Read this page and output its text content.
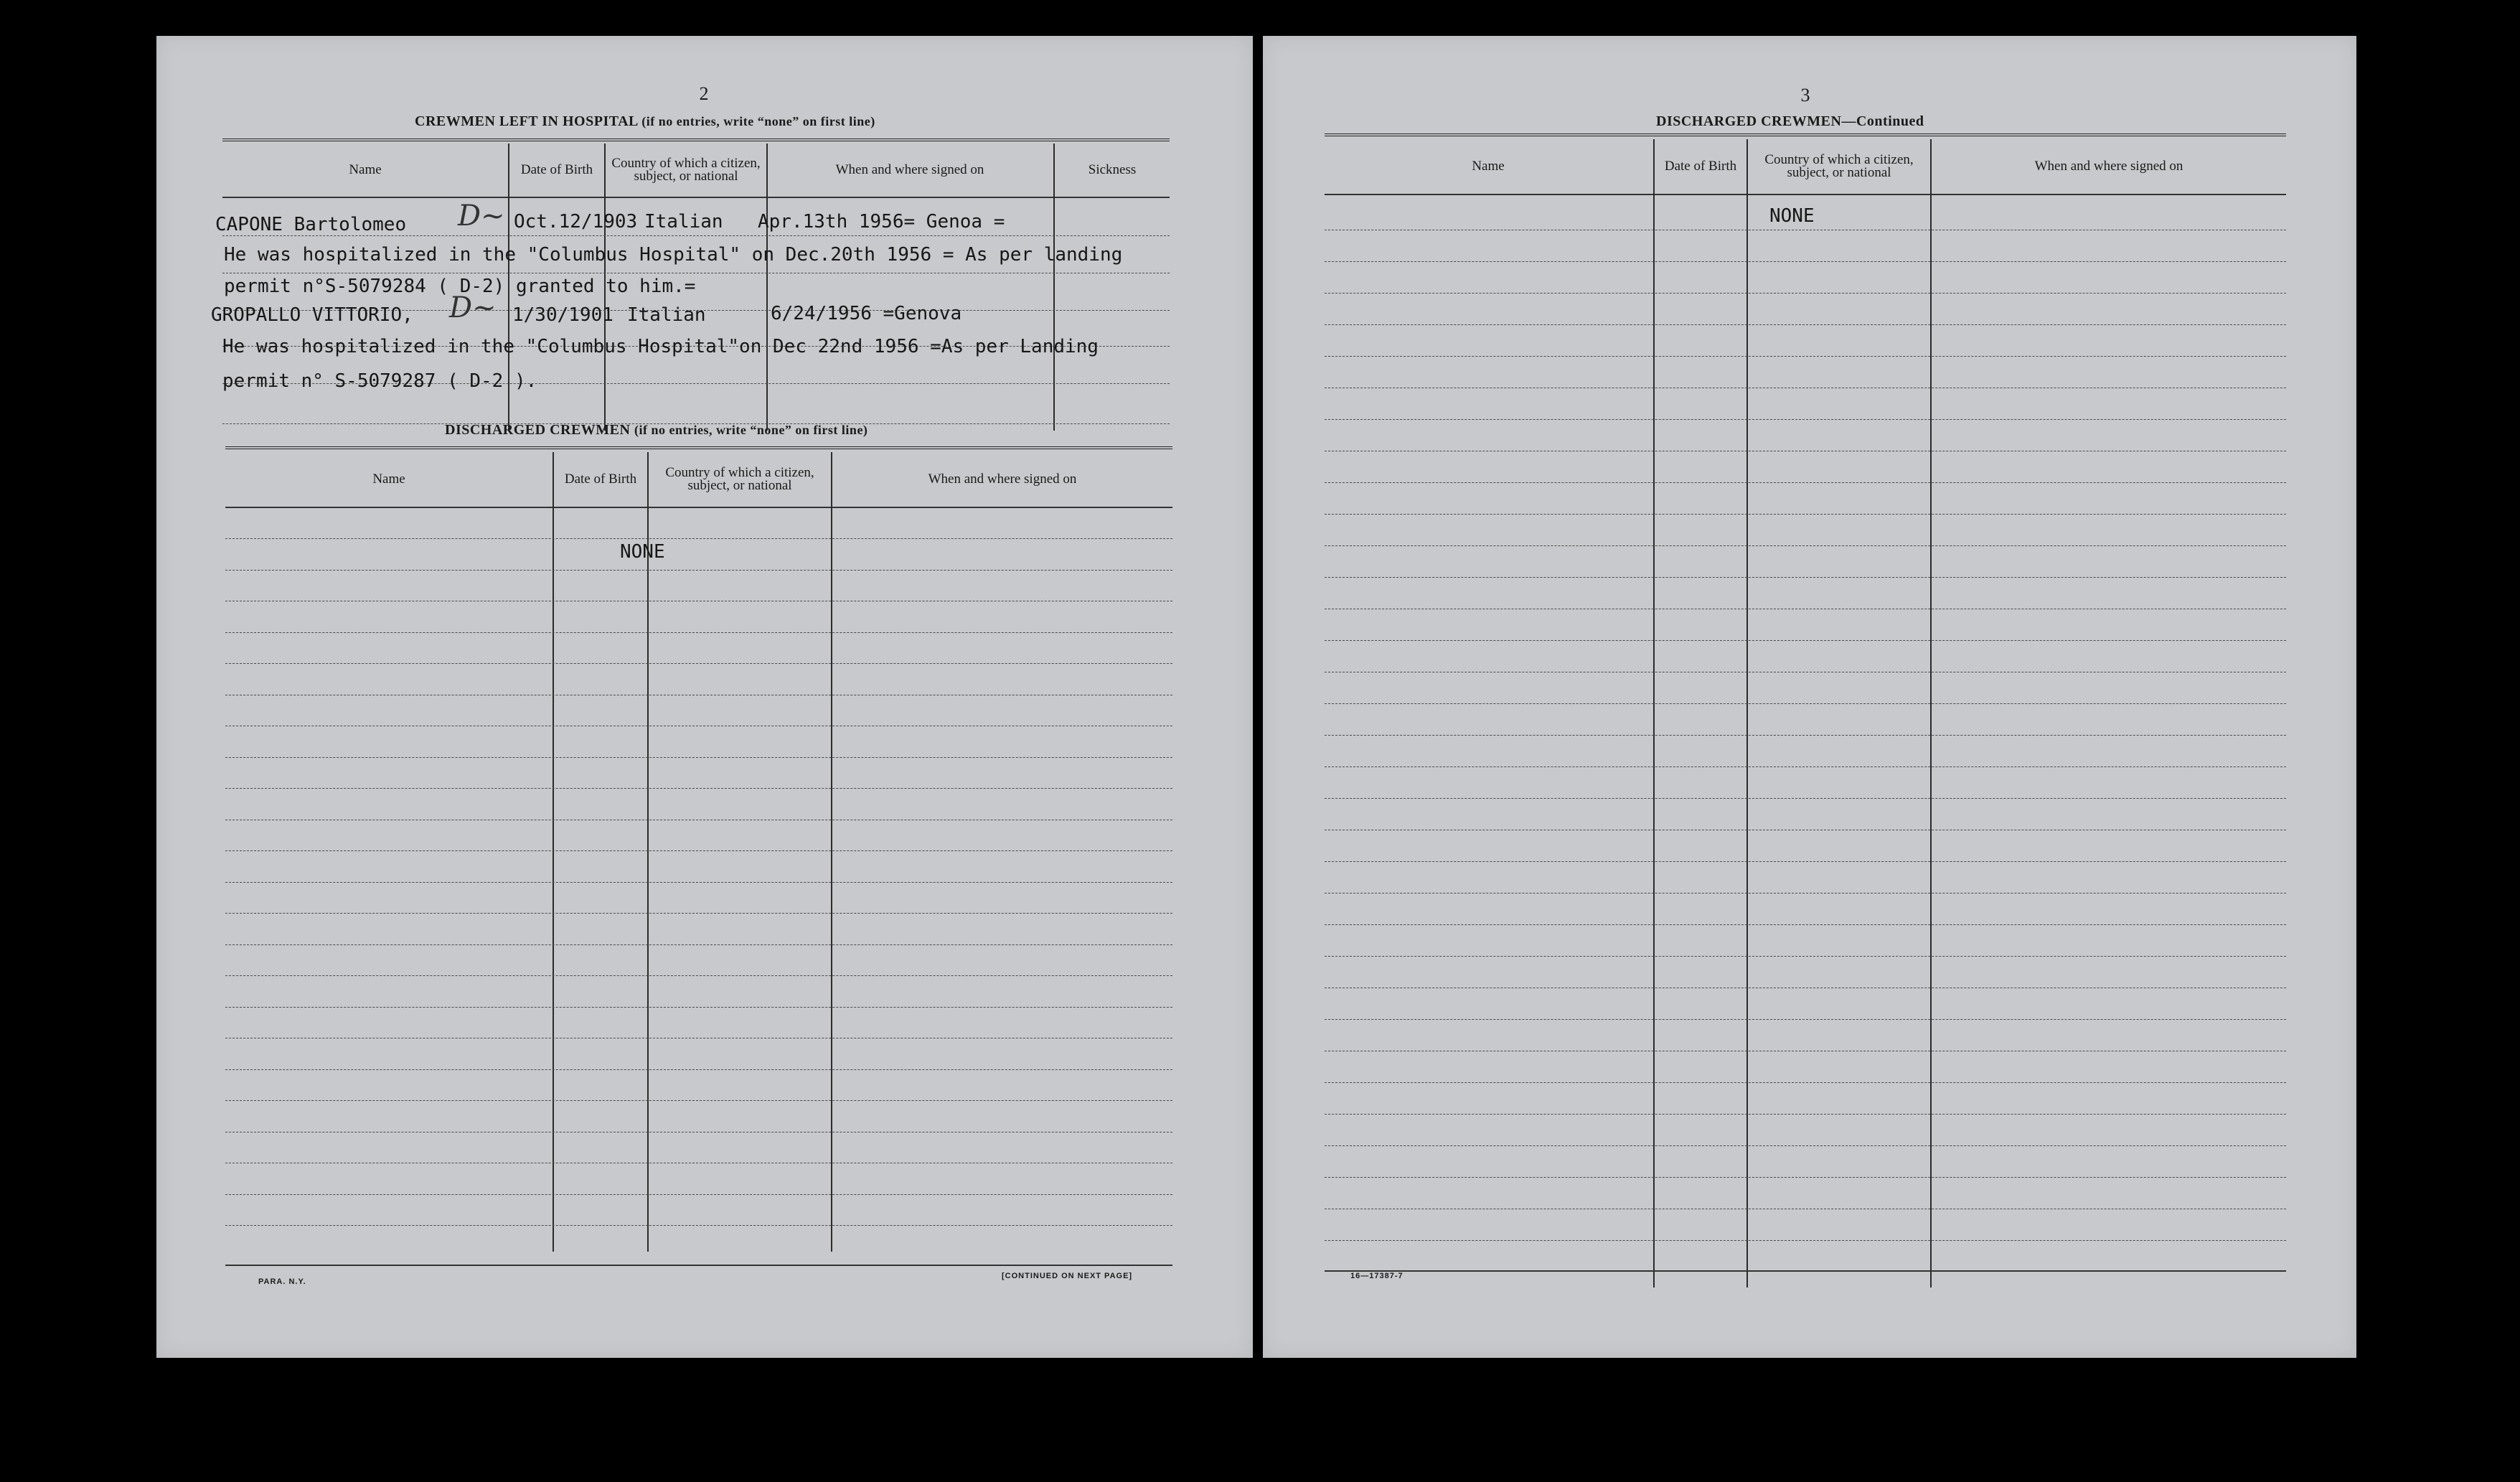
2
CREWMEN LEFT IN HOSPITAL (if no entries, write “none” on first line)
Name	Date of Birth	Country of which a citizen, subject, or national	When and where signed on	Sickness
CAPONE Bartolomeo D~ Oct.12/1903 Italian Apr.13th 1956= Genoa =
He was hospitalized in the "Columbus Hospital" on Dec.20th 1956 = As per landing
permit n°S-5079284 ( D-2) granted to him.=
GROPALLO VITTORIO, D~ 1/30/1901 Italian	6/24/1956 =Genova
He was hospitalized in the "Columbus Hospital"on Dec 22nd 1956 =As per Landing
permit n° S-5079287 ( D-2 ).
DISCHARGED CREWMEN (if no entries, write “none” on first line)
Name	Date of Birth	Country of which a citizen, subject, or national	When and where signed on
NONE
PARA. N.Y.
[CONTINUED ON NEXT PAGE]
3
DISCHARGED CREWMEN—Continued
Name	Date of Birth	Country of which a citizen, subject, or national	When and where signed on
NONE
16—17387-7
